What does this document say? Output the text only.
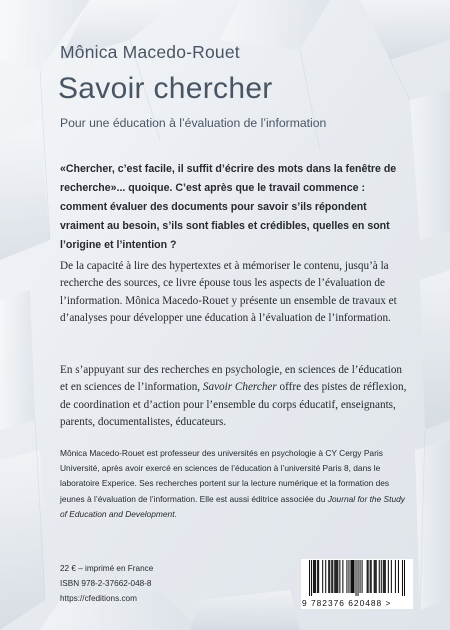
Mônica Macedo-Rouet
Savoir chercher
Pour une éducation à l’évaluation de l’information

«Chercher, c’est facile, il suffit d’écrire des mots dans la fenêtre de recherche»... quoique. C’est après que le travail commence : comment évaluer des documents pour savoir s’ils répondent vraiment au besoin, s’ils sont fiables et crédibles, quelles en sont l’origine et l’intention ?

De la capacité à lire des hypertextes et à mémoriser le contenu, jusqu’à la recherche des sources, ce livre épouse tous les aspects de l’évaluation de l’information. Mônica Macedo-Rouet y présente un ensemble de travaux et d’analyses pour développer une éducation à l’évaluation de l’information.

En s’appuyant sur des recherches en psychologie, en sciences de l’éducation et en sciences de l’information, Savoir Chercher offre des pistes de réflexion, de coordination et d’action pour l’ensemble du corps éducatif, enseignants, parents, documentalistes, éducateurs.

Mônica Macedo-Rouet est professeur des universités en psychologie à CY Cergy Paris Université, après avoir exercé en sciences de l’éducation à l’université Paris 8, dans le laboratoire Experice. Ses recherches portent sur la lecture numérique et la formation des jeunes à l’évaluation de l’information. Elle est aussi éditrice associée du Journal for the Study of Education and Development.

22 € – imprimé en France
ISBN 978-2-37662-048-8
https://cfeditions.com	9 782376 620488 >
